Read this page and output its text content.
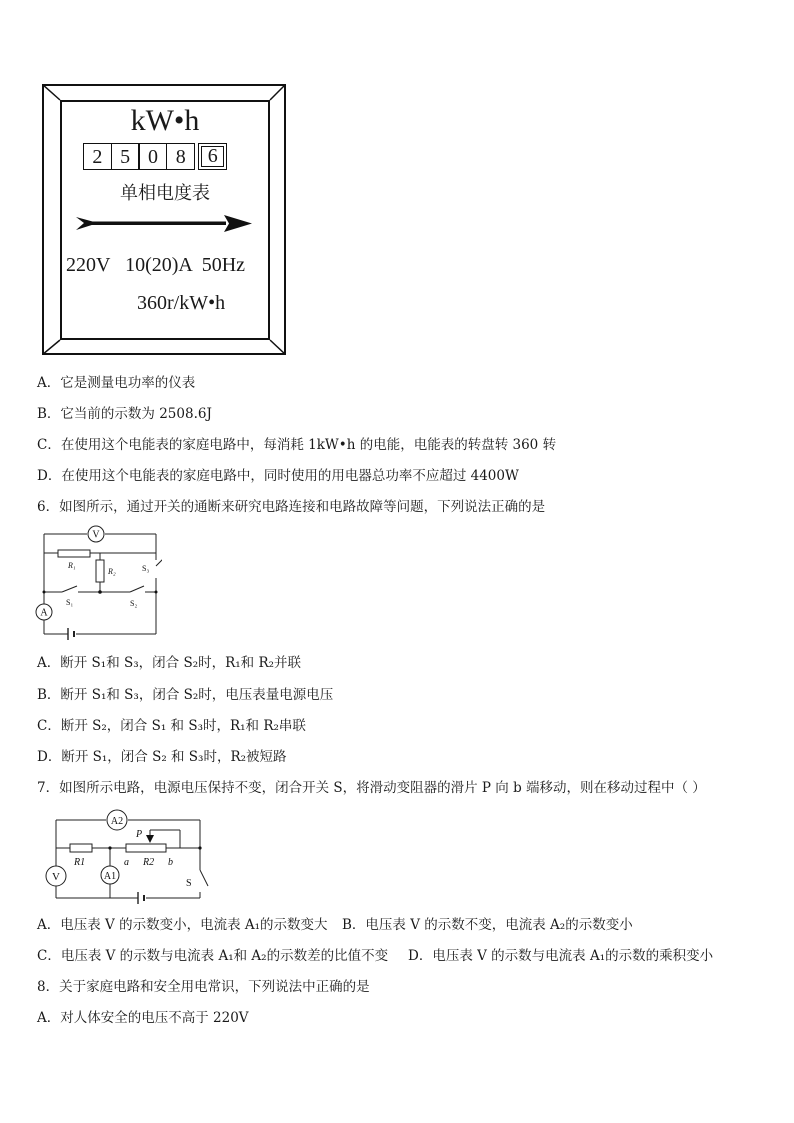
kW•h
2 5 0 8	6
单相电度表
220V   10(20)A  50Hz
360r/kW•h
A．它是测量电功率的仪表
B．它当前的示数为 2508.6J
C．在使用这个电能表的家庭电路中，每消耗 1kW•h 的电能，电能表的转盘转 360 转
D．在使用这个电能表的家庭电路中，同时使用的用电器总功率不应超过 4400W
6．如图所示，通过开关的通断来研究电路连接和电路故障等问题，下列说法正确的是
V
A
R₁
R₂	S₃
S₁	S₂
A．断开 S₁和 S₃，闭合 S₂时，R₁和 R₂并联
B．断开 S₁和 S₃，闭合 S₂时，电压表量电源电压
C．断开 S₂，闭合 S₁ 和 S₃时，R₁和 R₂串联
D．断开 S₁，闭合 S₂ 和 S₃时，R₂被短路
7．如图所示电路，电源电压保持不变，闭合开关 S，将滑动变阻器的滑片 P 向 b 端移动，则在移动过程中（ ）
A2
V	A1
P
R1	R2
a	b
S
A．电压表 V 的示数变小，电流表 A₁的示数变大 B．电压表 V 的示数不变，电流表 A₂的示数变小
C．电压表 V 的示数与电流表 A₁和 A₂的示数差的比值不变 D．电压表 V 的示数与电流表 A₁的示数的乘积变小
8．关于家庭电路和安全用电常识，下列说法中正确的是
A．对人体安全的电压不高于 220V
